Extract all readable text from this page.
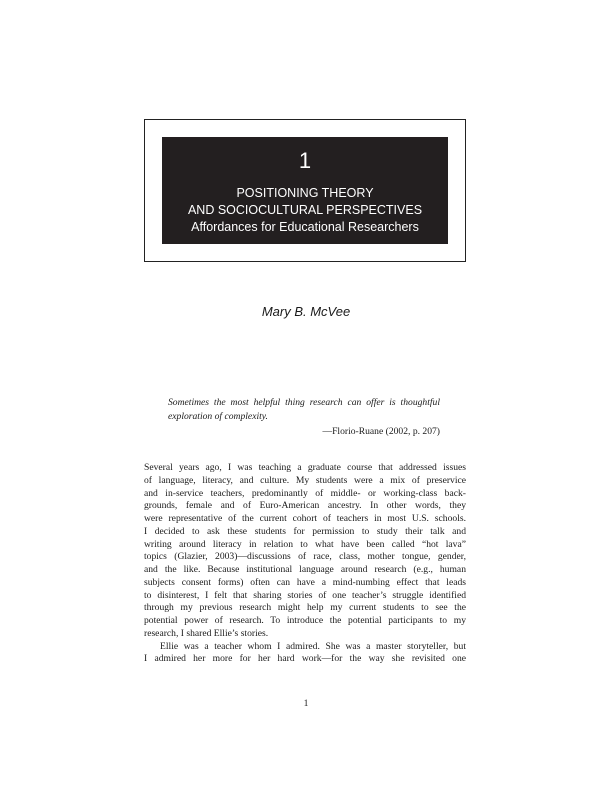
1
POSITIONING THEORY
AND SOCIOCULTURAL PERSPECTIVES
Affordances for Educational Researchers
Mary B. McVee
Sometimes the most helpful thing research can offer is thoughtful
exploration of complexity.
—Florio-Ruane (2002, p. 207)
Several years ago, I was teaching a graduate course that addressed issues
of language, literacy, and culture. My students were a mix of preservice
and in-service teachers, predominantly of middle- or working-class back-
grounds, female and of Euro-American ancestry. In other words, they
were representative of the current cohort of teachers in most U.S. schools.
I decided to ask these students for permission to study their talk and
writing around literacy in relation to what have been called “hot lava”
topics (Glazier, 2003)—discussions of race, class, mother tongue, gender,
and the like. Because institutional language around research (e.g., human
subjects consent forms) often can have a mind-numbing effect that leads
to disinterest, I felt that sharing stories of one teacher’s struggle identified
through my previous research might help my current students to see the
potential power of research. To introduce the potential participants to my
research, I shared Ellie’s stories.
Ellie was a teacher whom I admired. She was a master storyteller, but
I admired her more for her hard work—for the way she revisited one
1
